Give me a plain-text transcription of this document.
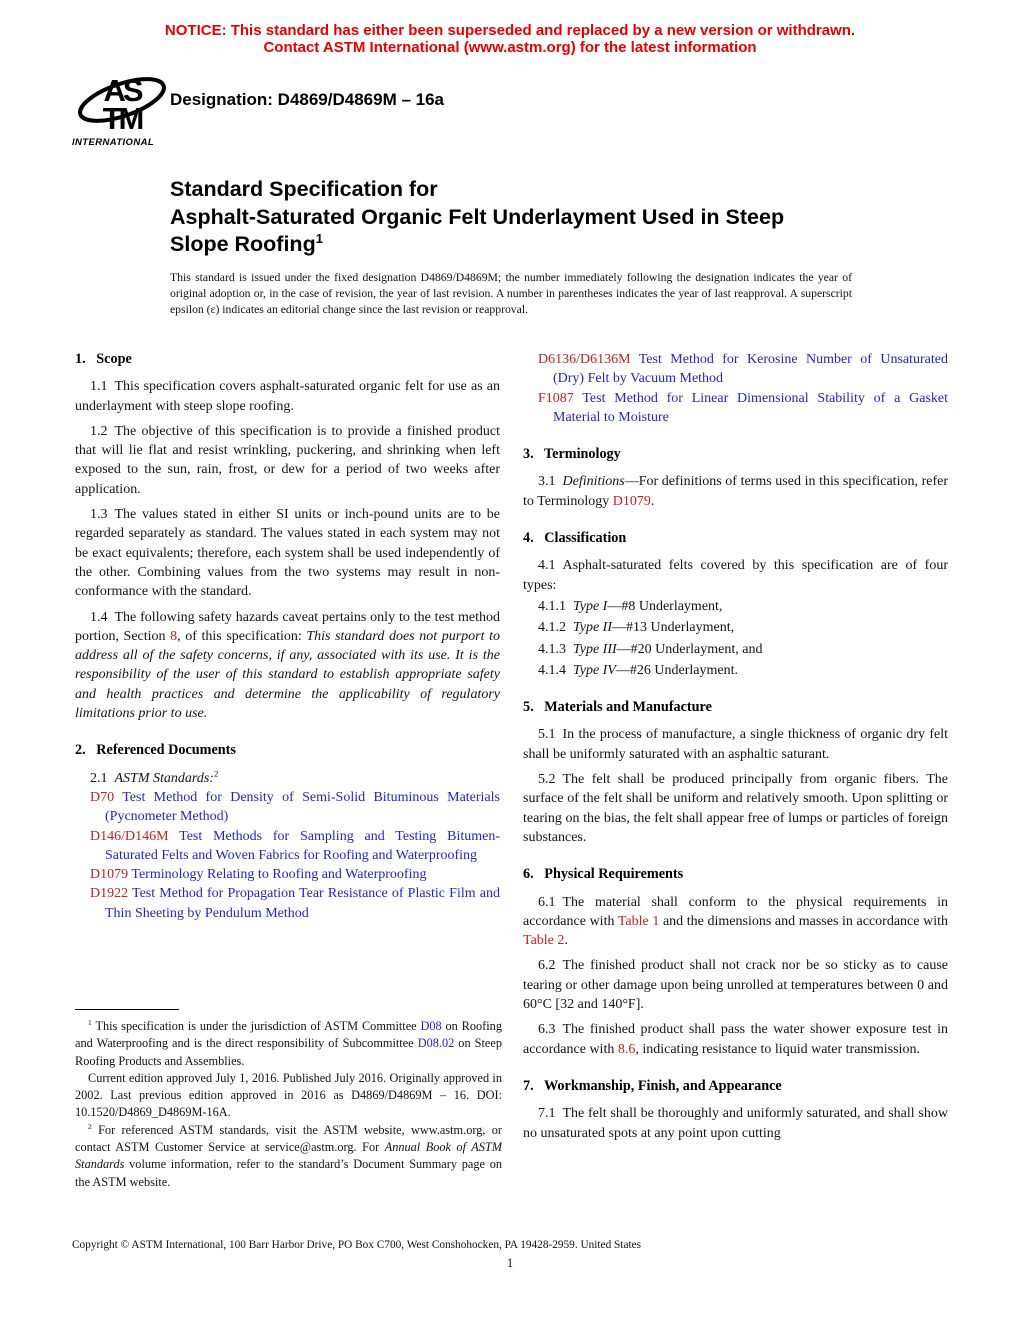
NOTICE: This standard has either been superseded and replaced by a new version or withdrawn.
Contact ASTM International (www.astm.org) for the latest information
AS
TM
INTERNATIONAL
Designation: D4869/D4869M – 16a
Standard Specification for
Asphalt-Saturated Organic Felt Underlayment Used in Steep
Slope Roofing$^1$
This standard is issued under the fixed designation D4869/D4869M; the number immediately following the designation indicates the year of original adoption or, in the case of revision, the year of last revision. A number in parentheses indicates the year of last reapproval. A superscript epsilon (ε) indicates an editorial change since the last revision or reapproval.
1.  Scope

1.1 This specification covers asphalt-saturated organic felt for use as an underlayment with steep slope roofing.

1.2 The objective of this specification is to provide a finished product that will lie flat and resist wrinkling, puckering, and shrinking when left exposed to the sun, rain, frost, or dew for a period of two weeks after application.

1.3 The values stated in either SI units or inch-pound units are to be regarded separately as standard. The values stated in each system may not be exact equivalents; therefore, each system shall be used independently of the other. Combining values from the two systems may result in non-conformance with the standard.

1.4 The following safety hazards caveat pertains only to the test method portion, Section 8, of this specification: This standard does not purport to address all of the safety concerns, if any, associated with its use. It is the responsibility of the user of this standard to establish appropriate safety and health practices and determine the applicability of regulatory limitations prior to use.

2.  Referenced Documents

2.1 ASTM Standards:$^2$

D70 Test Method for Density of Semi-Solid Bituminous Materials (Pycnometer Method)

D146/D146M Test Methods for Sampling and Testing Bitumen-Saturated Felts and Woven Fabrics for Roofing and Waterproofing

D1079 Terminology Relating to Roofing and Waterproofing

D1922 Test Method for Propagation Tear Resistance of Plastic Film and Thin Sheeting by Pendulum Method

D6136/D6136M Test Method for Kerosine Number of Unsaturated (Dry) Felt by Vacuum Method

F1087 Test Method for Linear Dimensional Stability of a Gasket Material to Moisture

3.  Terminology

3.1 Definitions—For definitions of terms used in this specification, refer to Terminology D1079.

4.  Classification

4.1 Asphalt-saturated felts covered by this specification are of four types:

4.1.1 Type I—#8 Underlayment,

4.1.2 Type II—#13 Underlayment,

4.1.3 Type III—#20 Underlayment, and

4.1.4 Type IV—#26 Underlayment.

5.  Materials and Manufacture

5.1 In the process of manufacture, a single thickness of organic dry felt shall be uniformly saturated with an asphaltic saturant.

5.2 The felt shall be produced principally from organic fibers. The surface of the felt shall be uniform and relatively smooth. Upon splitting or tearing on the bias, the felt shall appear free of lumps or particles of foreign substances.

6.  Physical Requirements

6.1 The material shall conform to the physical requirements in accordance with Table 1 and the dimensions and masses in accordance with Table 2.

6.2 The finished product shall not crack nor be so sticky as to cause tearing or other damage upon being unrolled at temperatures between 0 and 60°C [32 and 140°F].

6.3 The finished product shall pass the water shower exposure test in accordance with 8.6, indicating resistance to liquid water transmission.

7.  Workmanship, Finish, and Appearance

7.1 The felt shall be thoroughly and uniformly saturated, and shall show no unsaturated spots at any point upon cutting

$^1$ This specification is under the jurisdiction of ASTM Committee D08 on Roofing and Waterproofing and is the direct responsibility of Subcommittee D08.02 on Steep Roofing Products and Assemblies.

Current edition approved July 1, 2016. Published July 2016. Originally approved in 2002. Last previous edition approved in 2016 as D4869/D4869M – 16. DOI: 10.1520/D4869_D4869M-16A.

$^2$ For referenced ASTM standards, visit the ASTM website, www.astm.org, or contact ASTM Customer Service at service@astm.org. For Annual Book of ASTM Standards volume information, refer to the standard’s Document Summary page on the ASTM website.

Copyright © ASTM International, 100 Barr Harbor Drive, PO Box C700, West Conshohocken, PA 19428-2959. United States
1
